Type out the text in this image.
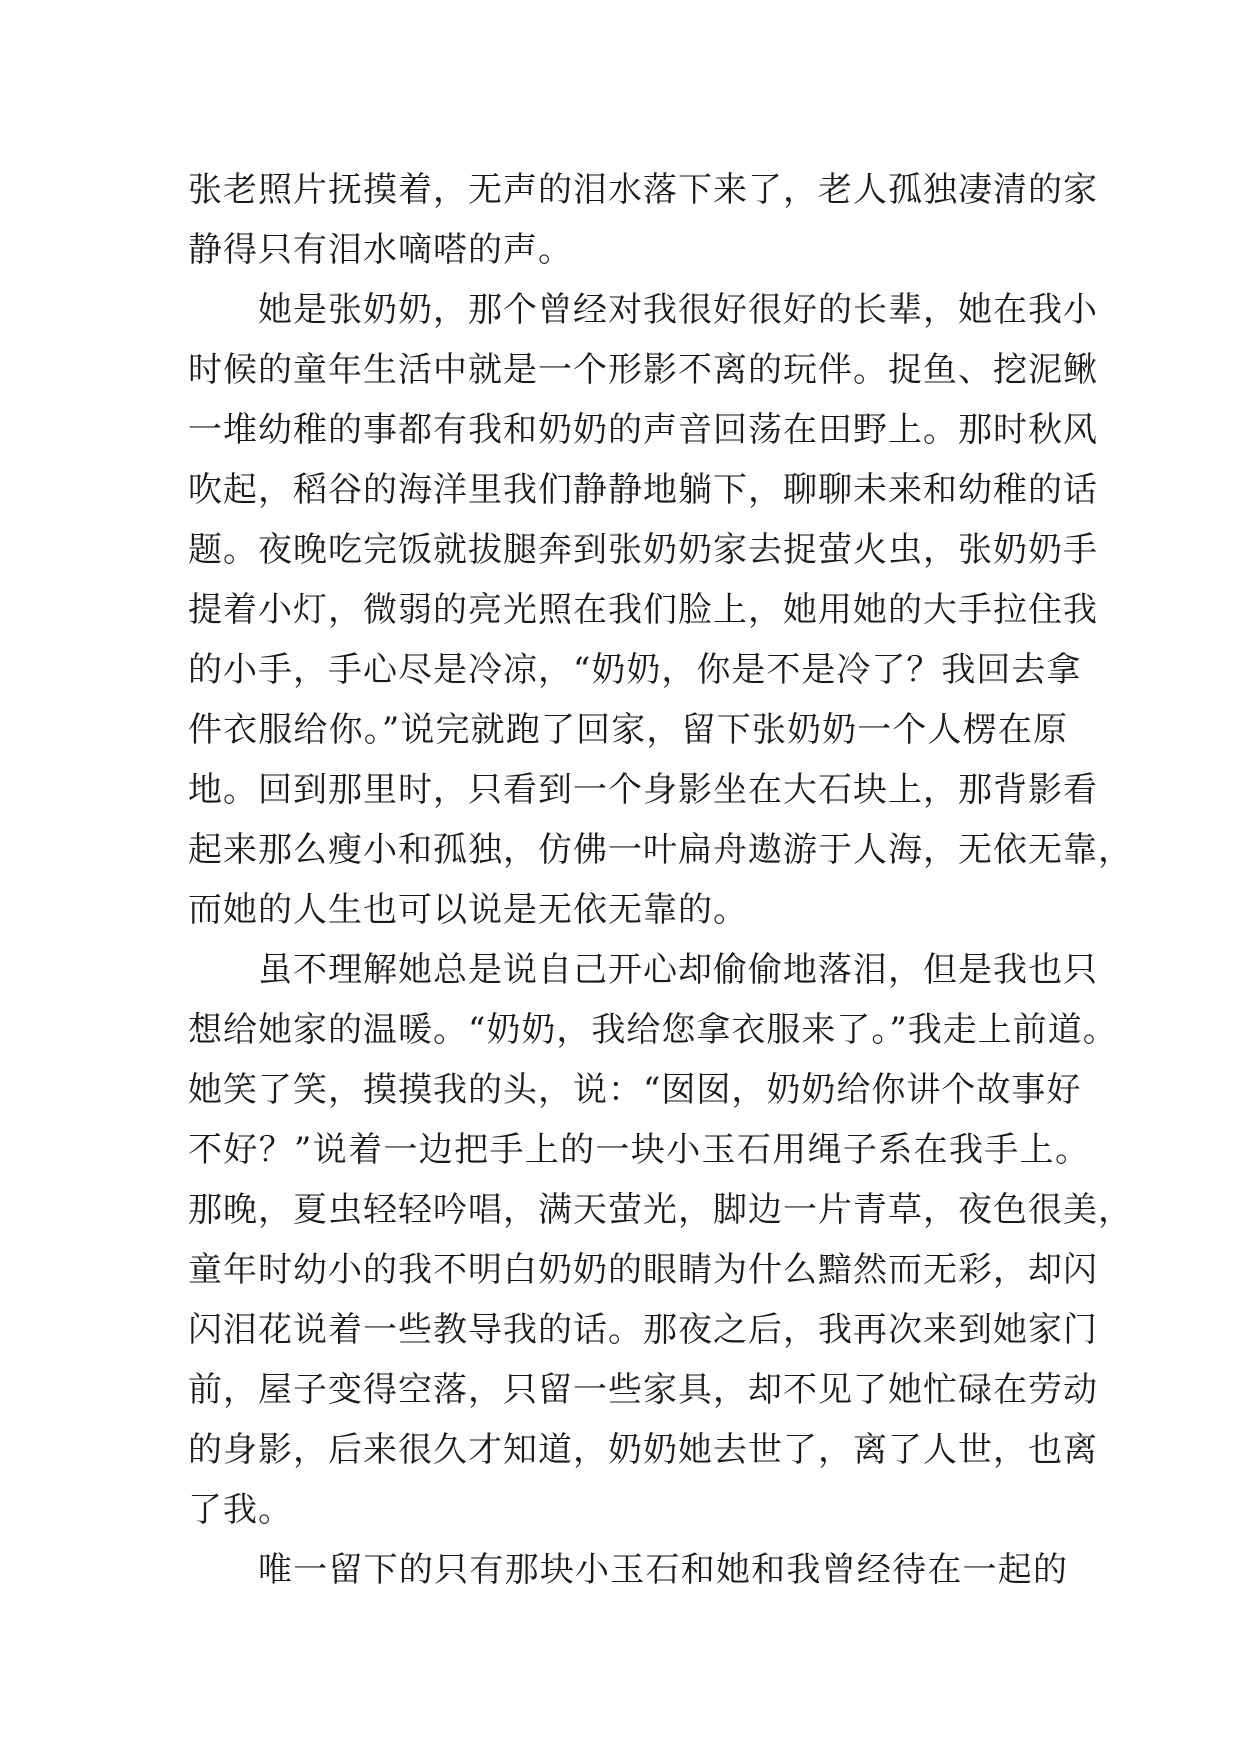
张老照片抚摸着，无声的泪水落下来了，老人孤独凄清的家
静得只有泪水嘀嗒的声。
她是张奶奶，那个曾经对我很好很好的长辈，她在我小
时候的童年生活中就是一个形影不离的玩伴。捉鱼、挖泥鳅
一堆幼稚的事都有我和奶奶的声音回荡在田野上。那时秋风
吹起，稻谷的海洋里我们静静地躺下，聊聊未来和幼稚的话
题。夜晚吃完饭就拔腿奔到张奶奶家去捉萤火虫，张奶奶手
提着小灯，微弱的亮光照在我们脸上，她用她的大手拉住我
的小手，手心尽是冷凉，“奶奶，你是不是冷了？我回去拿
件衣服给你。”说完就跑了回家，留下张奶奶一个人楞在原
地。回到那里时，只看到一个身影坐在大石块上，那背影看
起来那么瘦小和孤独，仿佛一叶扁舟遨游于人海，无依无靠，
而她的人生也可以说是无依无靠的。
虽不理解她总是说自己开心却偷偷地落泪，但是我也只
想给她家的温暖。“奶奶，我给您拿衣服来了。”我走上前道。
她笑了笑，摸摸我的头，说：“囡囡，奶奶给你讲个故事好
不好？”说着一边把手上的一块小玉石用绳子系在我手上。
那晚，夏虫轻轻吟唱，满天萤光，脚边一片青草，夜色很美，
童年时幼小的我不明白奶奶的眼睛为什么黯然而无彩，却闪
闪泪花说着一些教导我的话。那夜之后，我再次来到她家门
前，屋子变得空落，只留一些家具，却不见了她忙碌在劳动
的身影，后来很久才知道，奶奶她去世了，离了人世，也离
了我。
唯一留下的只有那块小玉石和她和我曾经待在一起的
